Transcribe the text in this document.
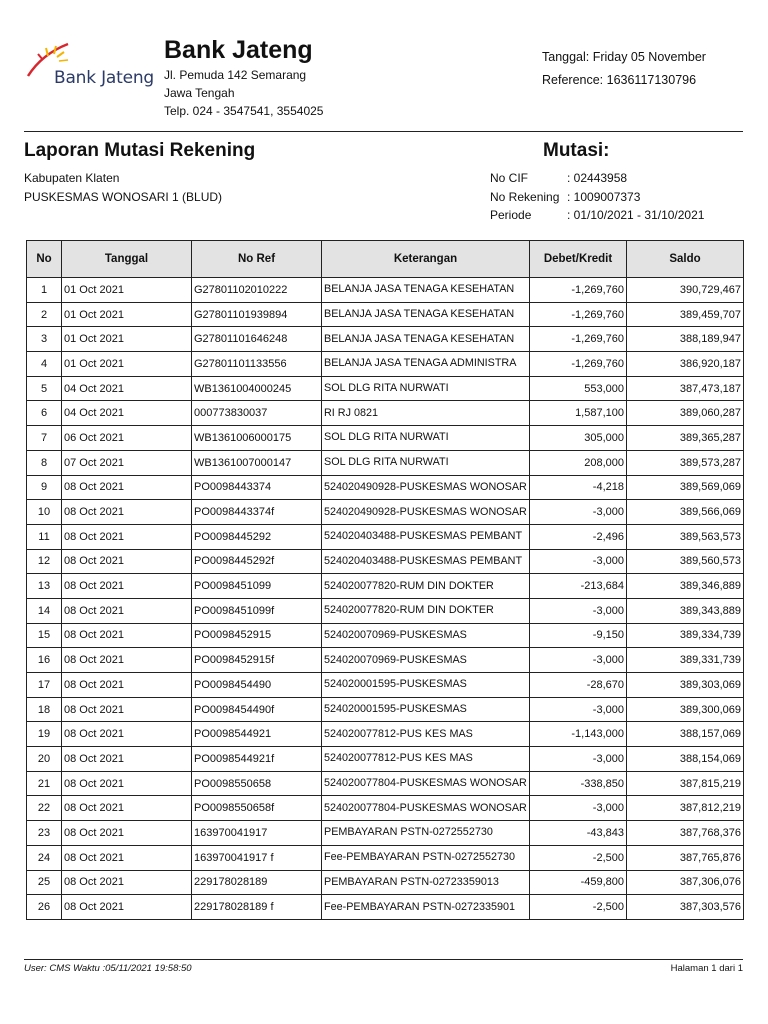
Bank Jateng
Bank Jateng
Jl. Pemuda 142 Semarang
Jawa Tengah
Telp. 024 - 3547541, 3554025
Tanggal: Friday 05 November
Reference: 1636117130796
Laporan Mutasi Rekening	Mutasi:
Kabupaten Klaten
PUSKESMAS WONOSARI 1 (BLUD)
No CIF	: 02443958
No Rekening : 1009007373
Periode	: 01/10/2021 - 31/10/2021
No	Tanggal	No Ref	Keterangan	Debet/Kredit	Saldo
1	01 Oct 2021	G27801102010222	BELANJA JASA TENAGA KESEHATAN	-1,269,760	390,729,467
2	01 Oct 2021	G27801101939894	BELANJA JASA TENAGA KESEHATAN	-1,269,760	389,459,707
3	01 Oct 2021	G27801101646248	BELANJA JASA TENAGA KESEHATAN	-1,269,760	388,189,947
4	01 Oct 2021	G27801101133556	BELANJA JASA TENAGA ADMINISTRA	-1,269,760	386,920,187
5	04 Oct 2021	WB1361004000245	SOL DLG RITA NURWATI	553,000	387,473,187
6	04 Oct 2021	000773830037	RI RJ 0821	1,587,100	389,060,287
7	06 Oct 2021	WB1361006000175	SOL DLG RITA NURWATI	305,000	389,365,287
8	07 Oct 2021	WB1361007000147	SOL DLG RITA NURWATI	208,000	389,573,287
9	08 Oct 2021	PO0098443374	524020490928-PUSKESMAS WONOSAR	-4,218	389,569,069
10	08 Oct 2021	PO0098443374f	524020490928-PUSKESMAS WONOSAR	-3,000	389,566,069
11	08 Oct 2021	PO0098445292	524020403488-PUSKESMAS PEMBANT	-2,496	389,563,573
12	08 Oct 2021	PO0098445292f	524020403488-PUSKESMAS PEMBANT	-3,000	389,560,573
13	08 Oct 2021	PO0098451099	524020077820-RUM DIN DOKTER	-213,684	389,346,889
14	08 Oct 2021	PO0098451099f	524020077820-RUM DIN DOKTER	-3,000	389,343,889
15	08 Oct 2021	PO0098452915	524020070969-PUSKESMAS	-9,150	389,334,739
16	08 Oct 2021	PO0098452915f	524020070969-PUSKESMAS	-3,000	389,331,739
17	08 Oct 2021	PO0098454490	524020001595-PUSKESMAS	-28,670	389,303,069
18	08 Oct 2021	PO0098454490f	524020001595-PUSKESMAS	-3,000	389,300,069
19	08 Oct 2021	PO0098544921	524020077812-PUS KES MAS	-1,143,000	388,157,069
20	08 Oct 2021	PO0098544921f	524020077812-PUS KES MAS	-3,000	388,154,069
21	08 Oct 2021	PO0098550658	524020077804-PUSKESMAS WONOSAR	-338,850	387,815,219
22	08 Oct 2021	PO0098550658f	524020077804-PUSKESMAS WONOSAR	-3,000	387,812,219
23	08 Oct 2021	163970041917	PEMBAYARAN PSTN-0272552730	-43,843	387,768,376
24	08 Oct 2021	163970041917 f	Fee-PEMBAYARAN PSTN-0272552730	-2,500	387,765,876
25	08 Oct 2021	229178028189	PEMBAYARAN PSTN-02723359013	-459,800	387,306,076
26	08 Oct 2021	229178028189 f	Fee-PEMBAYARAN PSTN-0272335901	-2,500	387,303,576
User: CMS Waktu :05/11/2021 19:58:50	Halaman 1 dari 1
